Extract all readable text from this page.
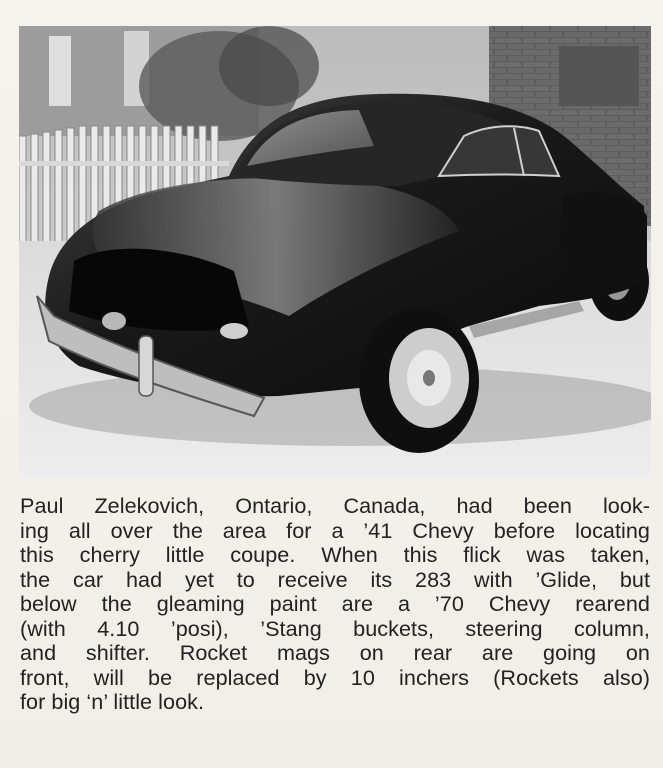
Paul Zelekovich, Ontario, Canada, had been look-
ing all over the area for a ’41 Chevy before locating
this cherry little coupe. When this flick was taken,
the car had yet to receive its 283 with ’Glide, but
below the gleaming paint are a ’70 Chevy rearend
(with 4.10 ’posi), ’Stang buckets, steering column,
and shifter. Rocket mags on rear are going on
front, will be replaced by 10 inchers (Rockets also)
for big ‘n’ little look.
